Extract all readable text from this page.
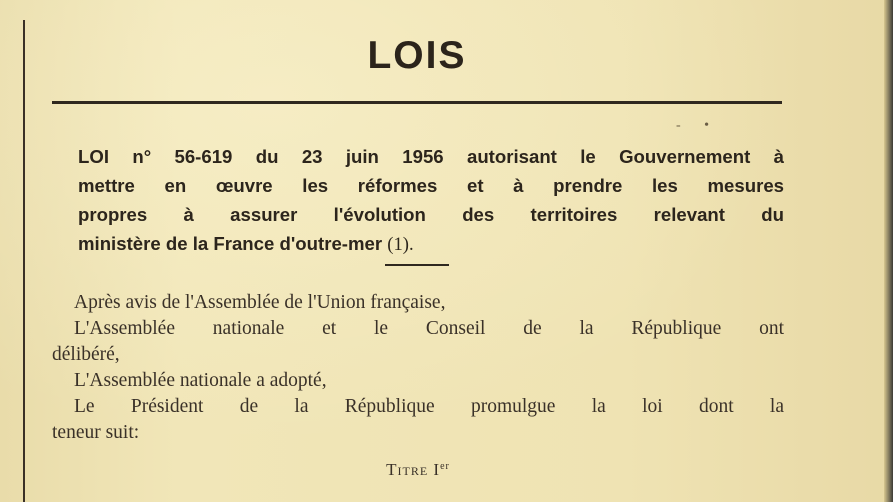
LOIS
- •
LOI n° 56-619 du 23 juin 1956 autorisant le Gouvernement à
mettre en œuvre les réformes et à prendre les mesures
propres à assurer l'évolution des territoires relevant du
ministère de la France d'outre-mer (1).
Après avis de l'Assemblée de l'Union française,
L'Assemblée nationale et le Conseil de la République ont
délibéré,
L'Assemblée nationale a adopté,
Le Président de la République promulgue la loi dont la
teneur suit:
Titre Ier
